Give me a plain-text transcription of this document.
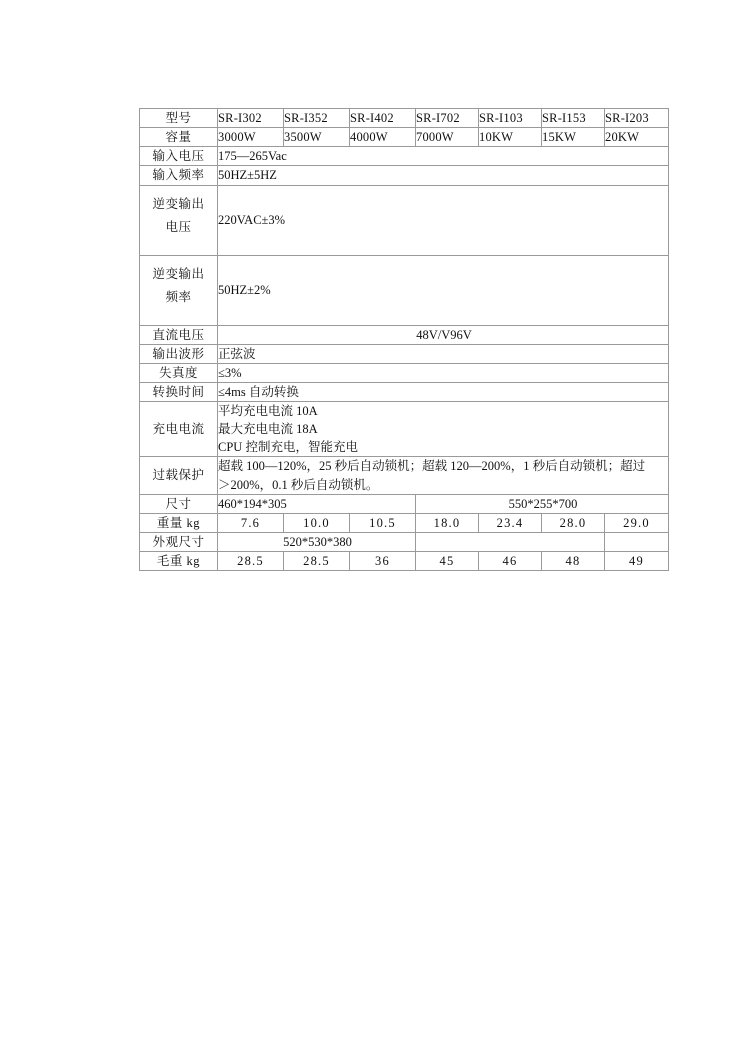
型号	SR-I302	SR-I352	SR-I402	SR-I702	SR-I103	SR-I153	SR-I203
容量	3000W	3500W	4000W	7000W	10KW	15KW	20KW
输入电压	175—265Vac						
输入频率	50HZ±5HZ						

逆变输出
电压	220VAC±3%						

逆变输出
频率	50HZ±2%						
直流电压	48V/V96V						
输出波形	正弦波						
失真度	≤3%						
转换时间	≤4ms 自动转换						
充电电流	平均充电电流 10A
最大充电电流 18A
CPU 控制充电，智能充电						

过载保护	超载 100—120%，25 秒后自动锁机；超载 120—200%，1 秒后自动锁机；超过
＞200%，0.1 秒后自动锁机。						

尺寸	460*194*305			550*255*700			
重量 kg	7.6	10.0	10.5	18.0	23.4	28.0	29.0
外观尺寸	520*530*380						
毛重 kg	28.5	28.5	36	45	46	48	49
